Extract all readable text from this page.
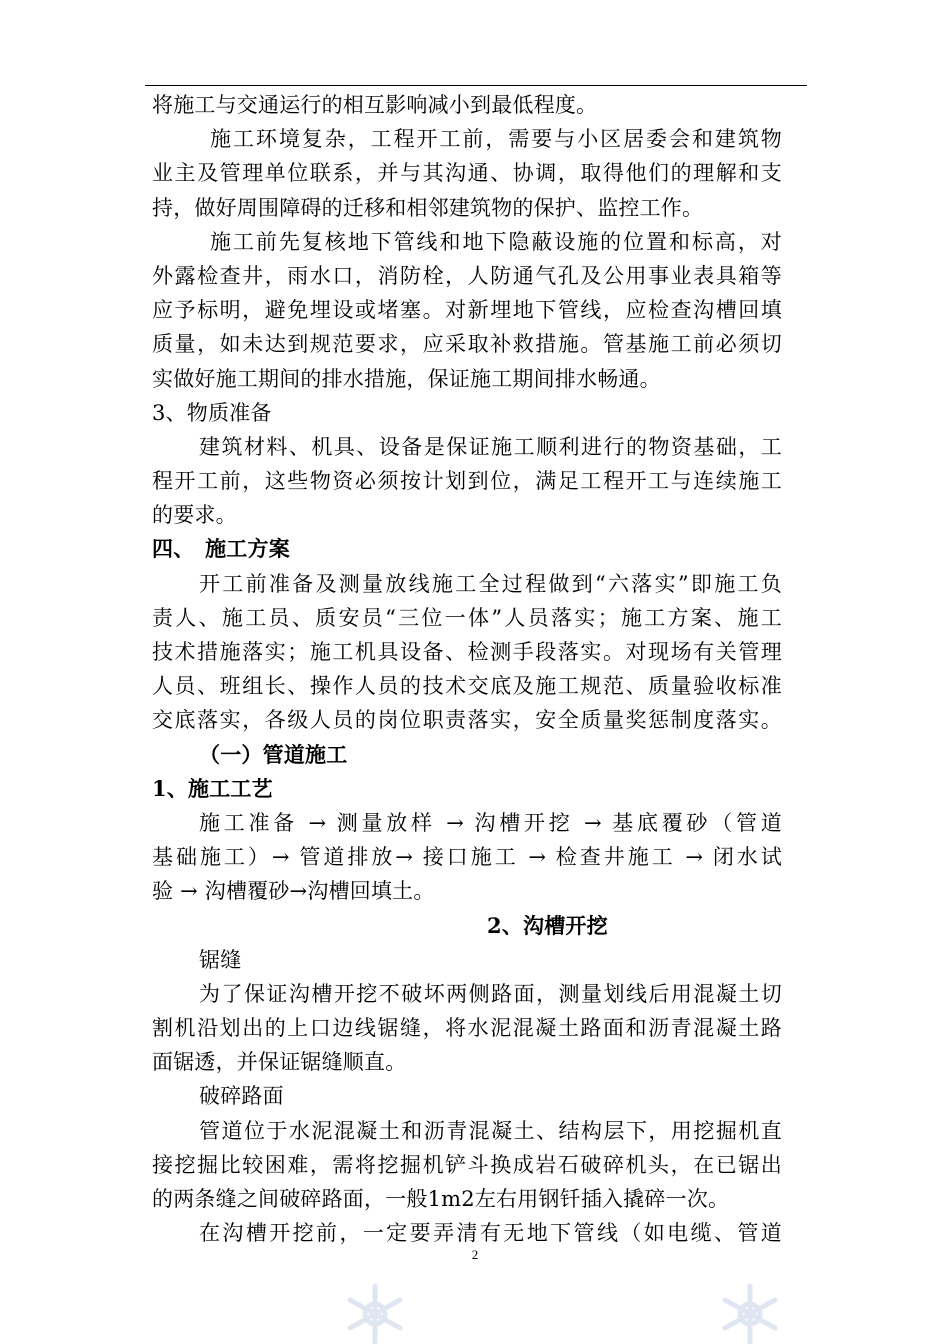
将施工与交通运行的相互影响减小到最低程度。
施工环境复杂，工程开工前，需要与小区居委会和建筑物
业主及管理单位联系，并与其沟通、协调，取得他们的理解和支
持，做好周围障碍的迁移和相邻建筑物的保护、监控工作。
施工前先复核地下管线和地下隐蔽设施的位置和标高，对
外露检查井，雨水口，消防栓，人防通气孔及公用事业表具箱等
应予标明，避免埋设或堵塞。对新埋地下管线，应检查沟槽回填
质量，如未达到规范要求，应采取补救措施。管基施工前必须切
实做好施工期间的排水措施，保证施工期间排水畅通。
3、物质准备
建筑材料、机具、设备是保证施工顺利进行的物资基础，工
程开工前，这些物资必须按计划到位，满足工程开工与连续施工
的要求。
四、　施工方案
开工前准备及测量放线施工全过程做到“六落实”即施工负
责人、施工员、质安员“三位一体”人员落实；施工方案、施工
技术措施落实；施工机具设备、检测手段落实。对现场有关管理
人员、班组长、操作人员的技术交底及施工规范、质量验收标准
交底落实，各级人员的岗位职责落实，安全质量奖惩制度落实。
（一）管道施工
1、施工工艺
施工准备 → 测量放样 → 沟槽开挖 → 基底覆砂（管道
基础施工）→ 管道排放→ 接口施工 → 检查井施工 → 闭水试
验 → 沟槽覆砂→沟槽回填土。
2、沟槽开挖
锯缝
为了保证沟槽开挖不破坏两侧路面，测量划线后用混凝土切
割机沿划出的上口边线锯缝，将水泥混凝土路面和沥青混凝土路
面锯透，并保证锯缝顺直。
破碎路面
管道位于水泥混凝土和沥青混凝土、结构层下，用挖掘机直
接挖掘比较困难，需将挖掘机铲斗换成岩石破碎机头，在已锯出
的两条缝之间破碎路面，一般1m2左右用钢钎插入撬碎一次。
在沟槽开挖前，一定要弄清有无地下管线（如电缆、管道
2
